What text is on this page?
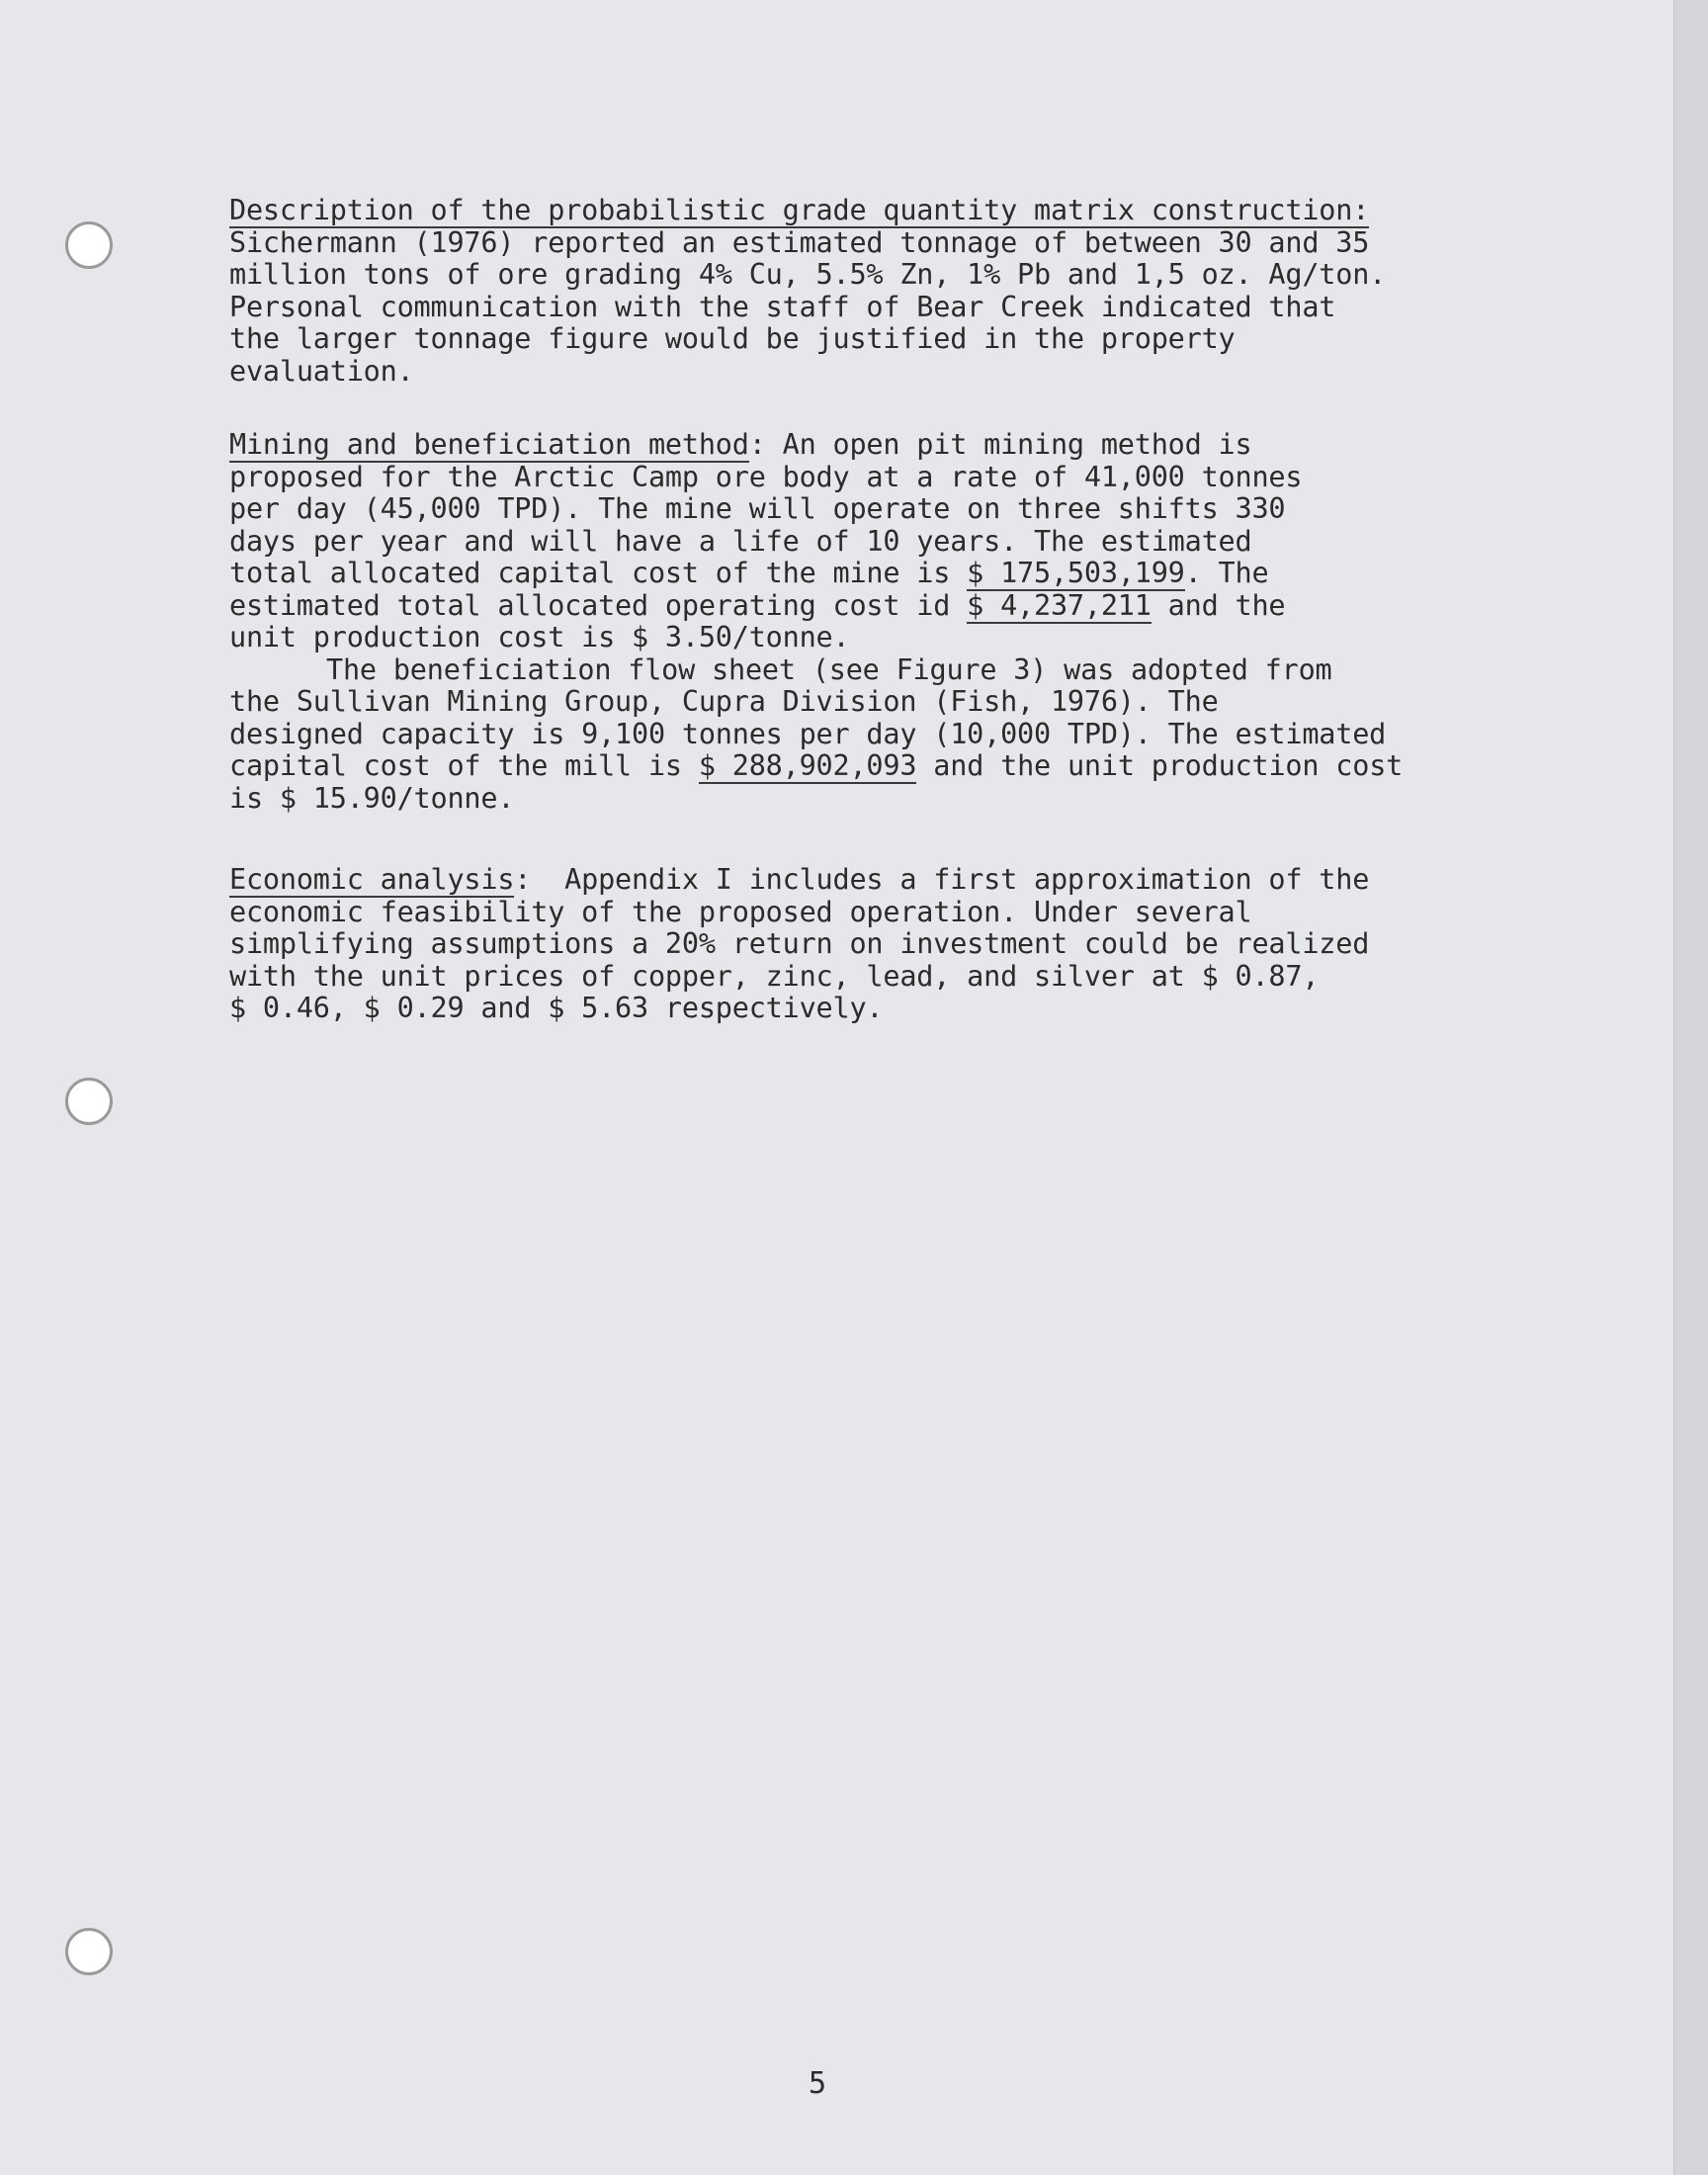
Description of the probabilistic grade quantity matrix construction:
Sichermann (1976) reported an estimated tonnage of between 30 and 35
million tons of ore grading 4% Cu, 5.5% Zn, 1% Pb and 1,5 oz. Ag/ton.
Personal communication with the staff of Bear Creek indicated that
the larger tonnage figure would be justified in the property
evaluation.
Mining and beneficiation method: An open pit mining method is
proposed for the Arctic Camp ore body at a rate of 41,000 tonnes
per day (45,000 TPD). The mine will operate on three shifts 330
days per year and will have a life of 10 years. The estimated
total allocated capital cost of the mine is $ 175,503,199. The
estimated total allocated operating cost id $ 4,237,211 and the
unit production cost is $ 3.50/tonne.
The beneficiation flow sheet (see Figure 3) was adopted from
the Sullivan Mining Group, Cupra Division (Fish, 1976). The
designed capacity is 9,100 tonnes per day (10,000 TPD). The estimated
capital cost of the mill is $ 288,902,093 and the unit production cost
is $ 15.90/tonne.
Economic analysis:  Appendix I includes a first approximation of the
economic feasibility of the proposed operation. Under several
simplifying assumptions a 20% return on investment could be realized
with the unit prices of copper, zinc, lead, and silver at $ 0.87,
$ 0.46, $ 0.29 and $ 5.63 respectively.
5
